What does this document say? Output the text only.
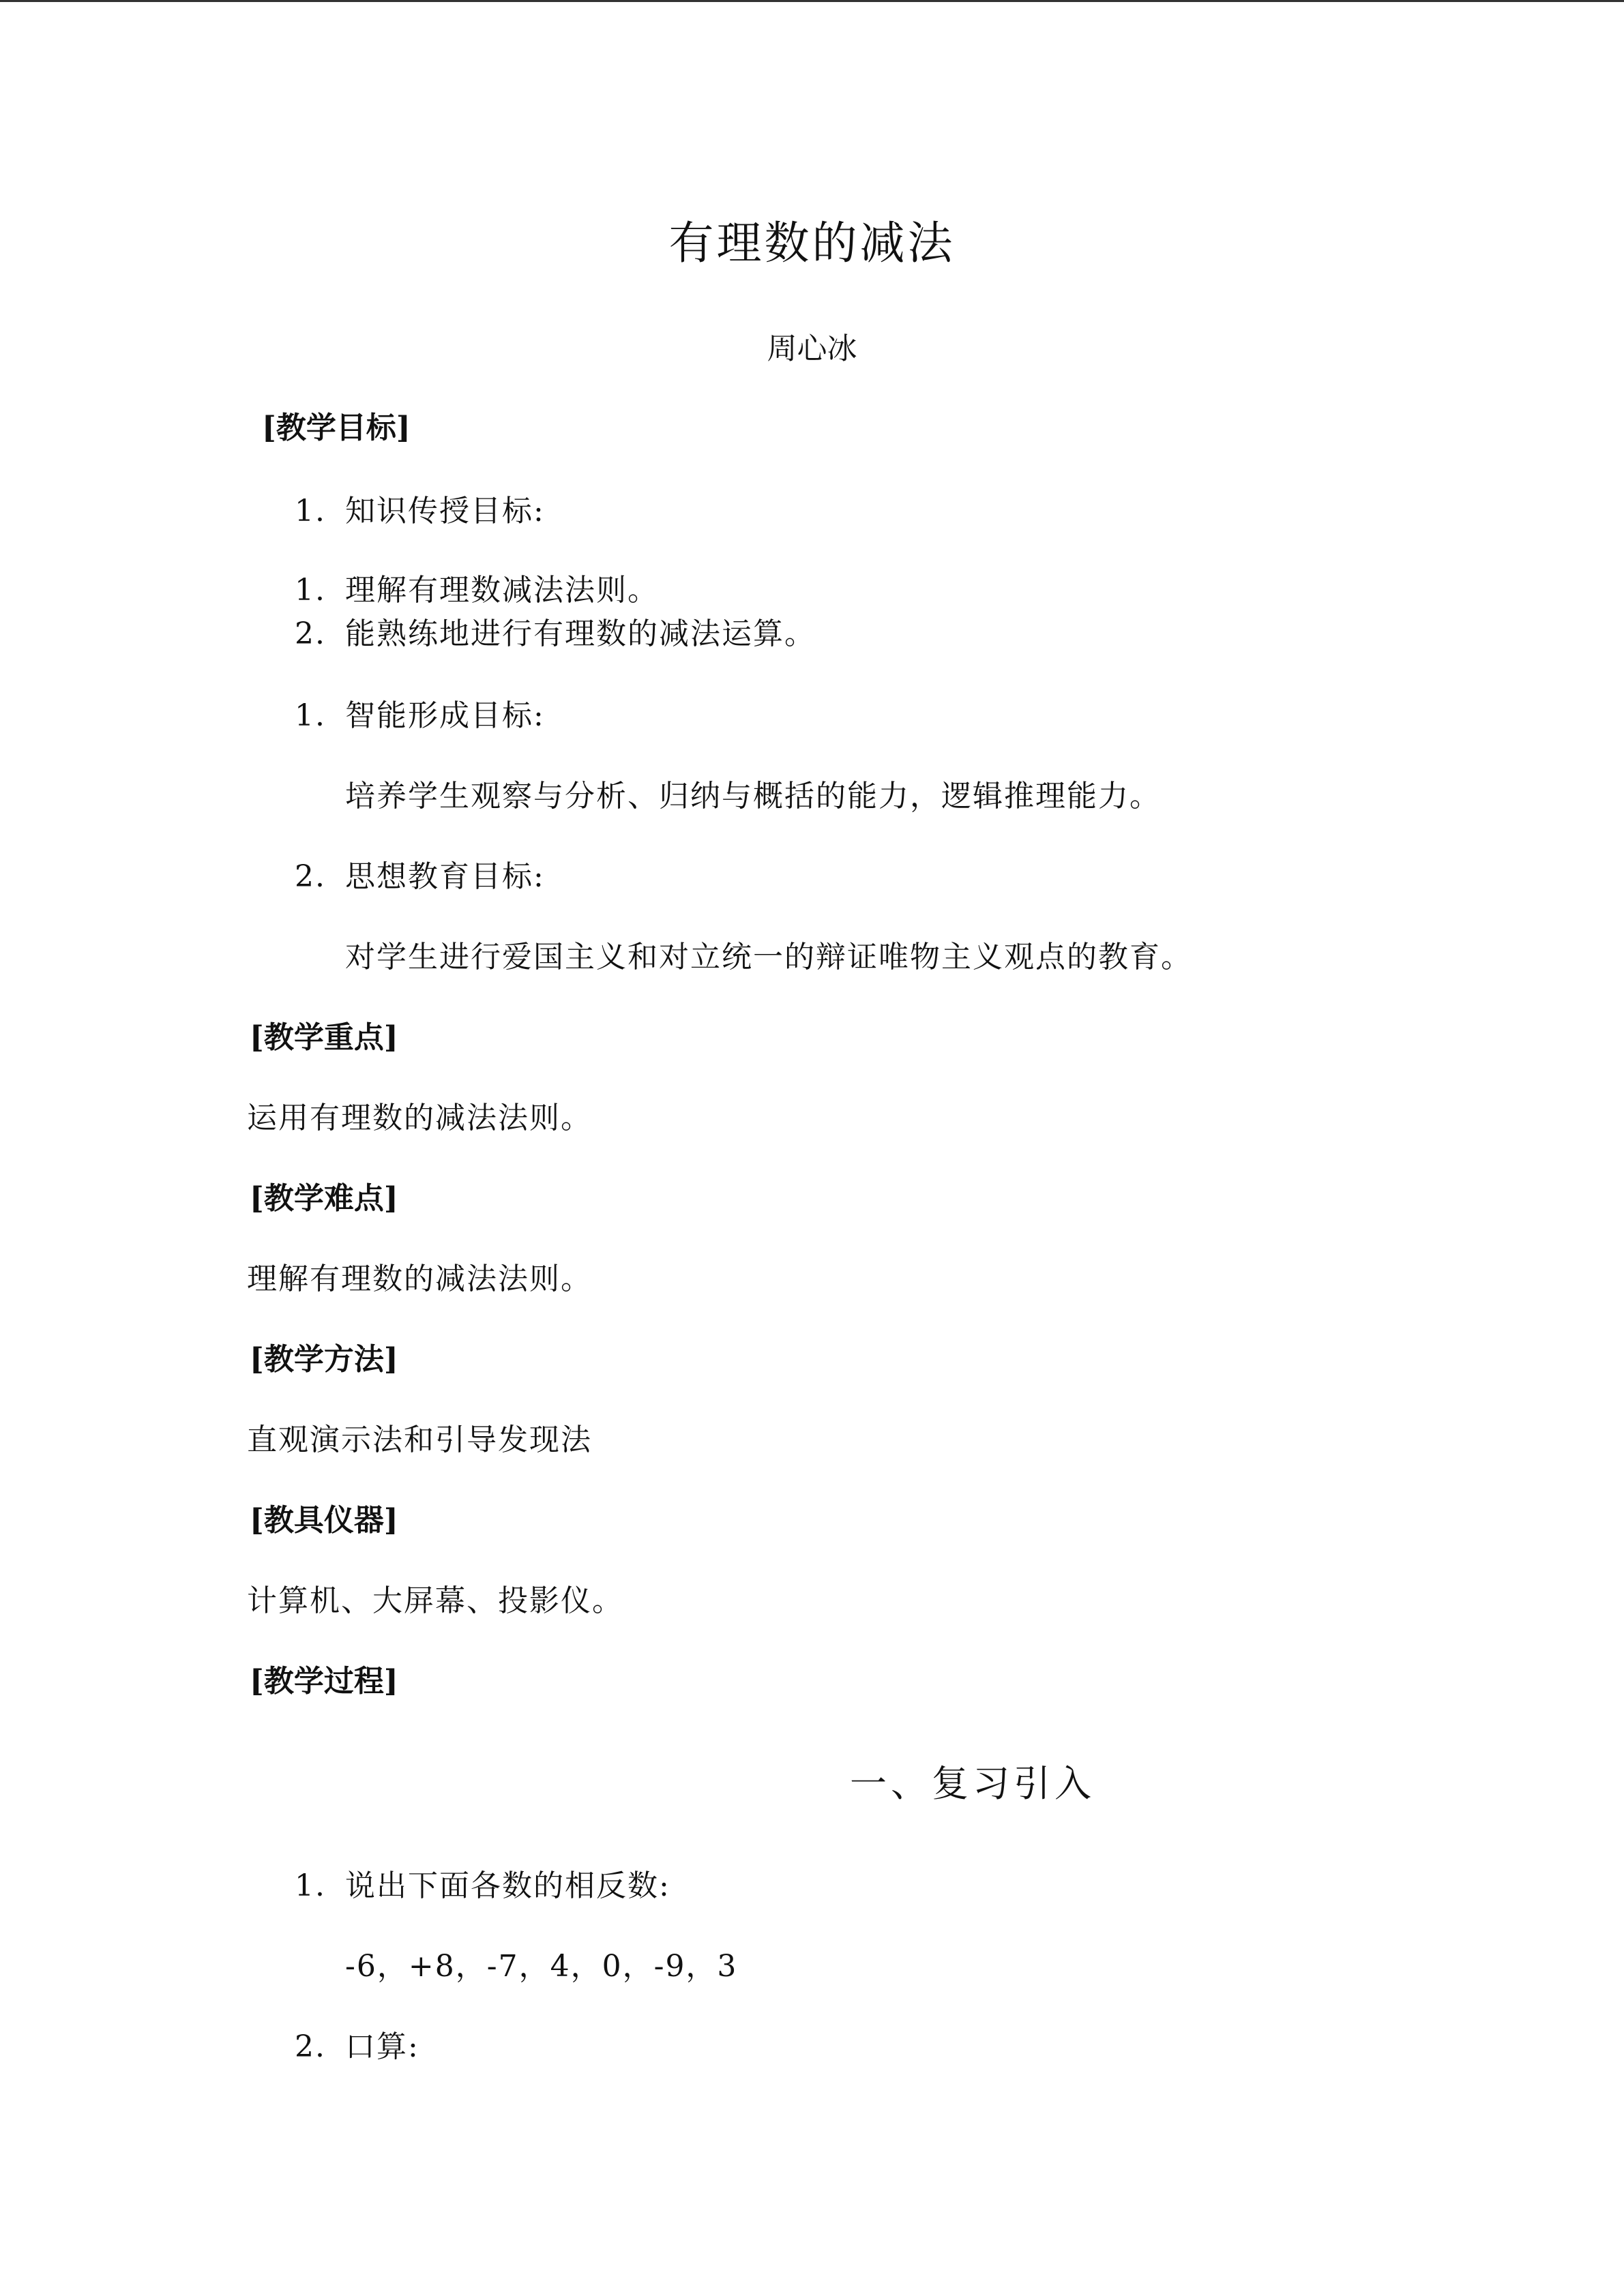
有理数的减法
周心冰
[教学目标]
1. 知识传授目标:
1. 理解有理数减法法则。
2. 能熟练地进行有理数的减法运算。
1. 智能形成目标:
培养学生观察与分析、归纳与概括的能力，逻辑推理能力。
2. 思想教育目标:
对学生进行爱国主义和对立统一的辩证唯物主义观点的教育。
[教学重点]
运用有理数的减法法则。
[教学难点]
理解有理数的减法法则。
[教学方法]
直观演示法和引导发现法
[教具仪器]
计算机、大屏幕、投影仪。
[教学过程]
一、复习引入
1. 说出下面各数的相反数:
-6，+8，-7，4，0，-9，3
2. 口算:
